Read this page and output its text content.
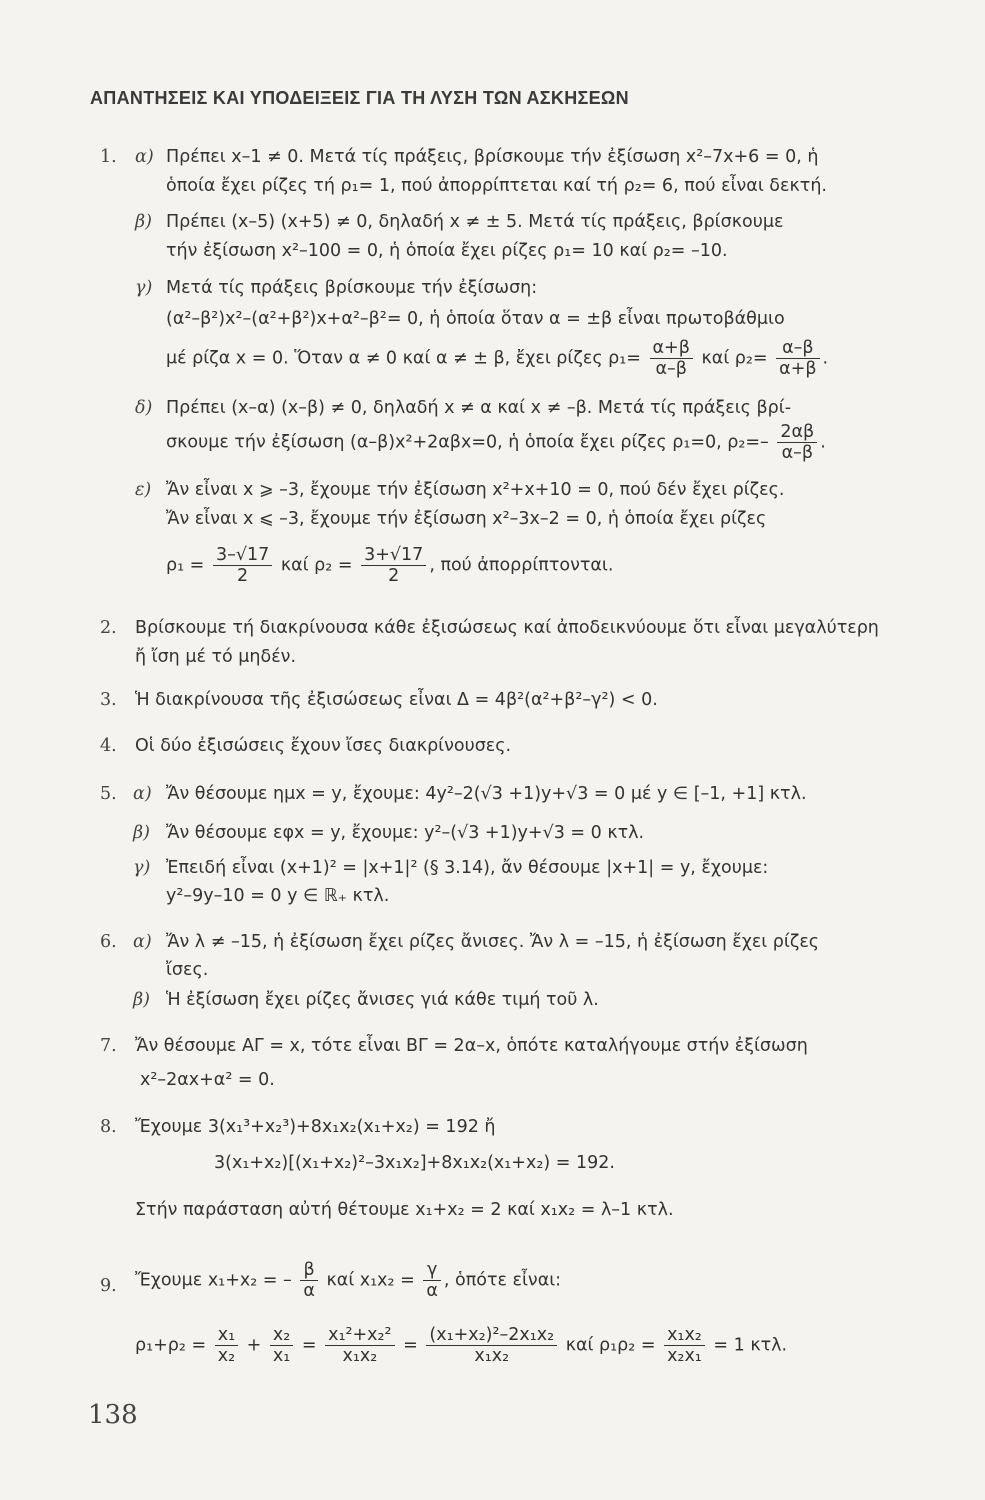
ΑΠΑΝΤΗΣΕΙΣ ΚΑΙ ΥΠΟΔΕΙΞΕΙΣ ΓΙΑ ΤΗ ΛΥΣΗ ΤΩΝ ΑΣΚΗΣΕΩΝ
1. α) Πρέπει x–1 ≠ 0. Μετά τίς πράξεις, βρίσκουμε τήν ἐξίσωση x²–7x+6 = 0, ἡ
ὁποία ἔχει ρίζες τή ρ₁= 1, πού ἀπορρίπτεται καί τή ρ₂= 6, πού εἶναι δεκτή.
β) Πρέπει (x–5) (x+5) ≠ 0, δηλαδή x ≠ ± 5. Μετά τίς πράξεις, βρίσκουμε
τήν ἐξίσωση x²–100 = 0, ἡ ὁποία ἔχει ρίζες ρ₁= 10 καί ρ₂= –10.
γ) Μετά τίς πράξεις βρίσκουμε τήν ἐξίσωση:
(α²–β²)x²–(α²+β²)x+α²–β²= 0, ἡ ὁποία ὅταν α = ±β εἶναι πρωτοβάθμιο
μέ ρίζα x = 0. Ὅταν α ≠ 0 καί α ≠ ± β, ἔχει ρίζες $\rho_1= \frac{\alpha+\beta}{\alpha-\beta}$ καί $\rho_2= \frac{\alpha-\beta}{\alpha+\beta}$ .
δ) Πρέπει (x–α) (x–β) ≠ 0, δηλαδή x ≠ α καί x ≠ –β. Μετά τίς πράξεις βρί-
σκουμε τήν ἐξίσωση (α–β)x²+2αβx=0, ἡ ὁποία ἔχει ρίζες ρ₁=0, $\rho_2=- \frac{2\alpha\beta}{\alpha-\beta}$ .
ε) Ἄν εἶναι x ⩾ –3, ἔχουμε τήν ἐξίσωση x²+x+10 = 0, πού δέν ἔχει ρίζες.
Ἄν εἶναι x ⩽ –3, ἔχουμε τήν ἐξίσωση x²–3x–2 = 0, ἡ ὁποία ἔχει ρίζες
$\rho_1 = \frac{3-√17}{2}$ καί $\rho_2 = \frac{3+√17}{2}$ , πού ἀπορρίπτονται.
2. Βρίσκουμε τή διακρίνουσα κάθε ἐξισώσεως καί ἀποδεικνύουμε ὅτι εἶναι μεγαλύτερη
ἤ ἴση μέ τό μηδέν.
3. Ἡ διακρίνουσα τῆς ἐξισώσεως εἶναι Δ = 4β²(α²+β²–γ²) < 0.
4. Οἱ δύο ἐξισώσεις ἔχουν ἴσες διακρίνουσες.
5. α) Ἄν θέσουμε ημx = y, ἔχουμε: 4y²–2(√3 +1)y+√3 = 0 μέ y ∈ [–1, +1] κτλ.
β) Ἄν θέσουμε εφx = y, ἔχουμε: y²–(√3 +1)y+√3 = 0 κτλ.
γ) Ἐπειδή εἶναι (x+1)² = |x+1|² (§ 3.14), ἄν θέσουμε |x+1| = y, ἔχουμε:
y²–9y–10 = 0 y ∈ ℝ₊ κτλ.
6. α) Ἄν λ ≠ –15, ἡ ἐξίσωση ἔχει ρίζες ἄνισες. Ἄν λ = –15, ἡ ἐξίσωση ἔχει ρίζες
ἴσες.
β) Ἡ ἐξίσωση ἔχει ρίζες ἄνισες γιά κάθε τιμή τοῦ λ.
7. Ἄν θέσουμε ΑΓ = x, τότε εἶναι ΒΓ = 2α–x, ὁπότε καταλήγουμε στήν ἐξίσωση
x²–2αx+α² = 0.
8. Ἔχουμε 3(x₁³+x₂³)+8x₁x₂(x₁+x₂) = 192 ἤ
3(x₁+x₂)[(x₁+x₂)²–3x₁x₂]+8x₁x₂(x₁+x₂) = 192.
Στήν παράσταση αὐτή θέτουμε x₁+x₂ = 2 καί x₁x₂ = λ–1 κτλ.
9. Ἔχουμε x₁+x₂ = – $\frac{\beta}{\alpha}$ καί $x_1x_2 = \frac{\gamma}{\alpha}$ , ὁπότε εἶναι:
$\rho_1+\rho_2 = \frac{\text{x₁}}{\text{x₂}} + \frac{\text{x₂}}{\text{x₁}} = \frac{\text{x₁²+x₂²}}{\text{x₁x₂}} = \frac{\text{(x₁+x₂)²–2x₁x₂}}{\text{x₁x₂}}$ καί $\rho_1\rho_2 = \frac{\text{x₁x₂}}{\text{x₂x₁}} = 1$ κτλ.
138
